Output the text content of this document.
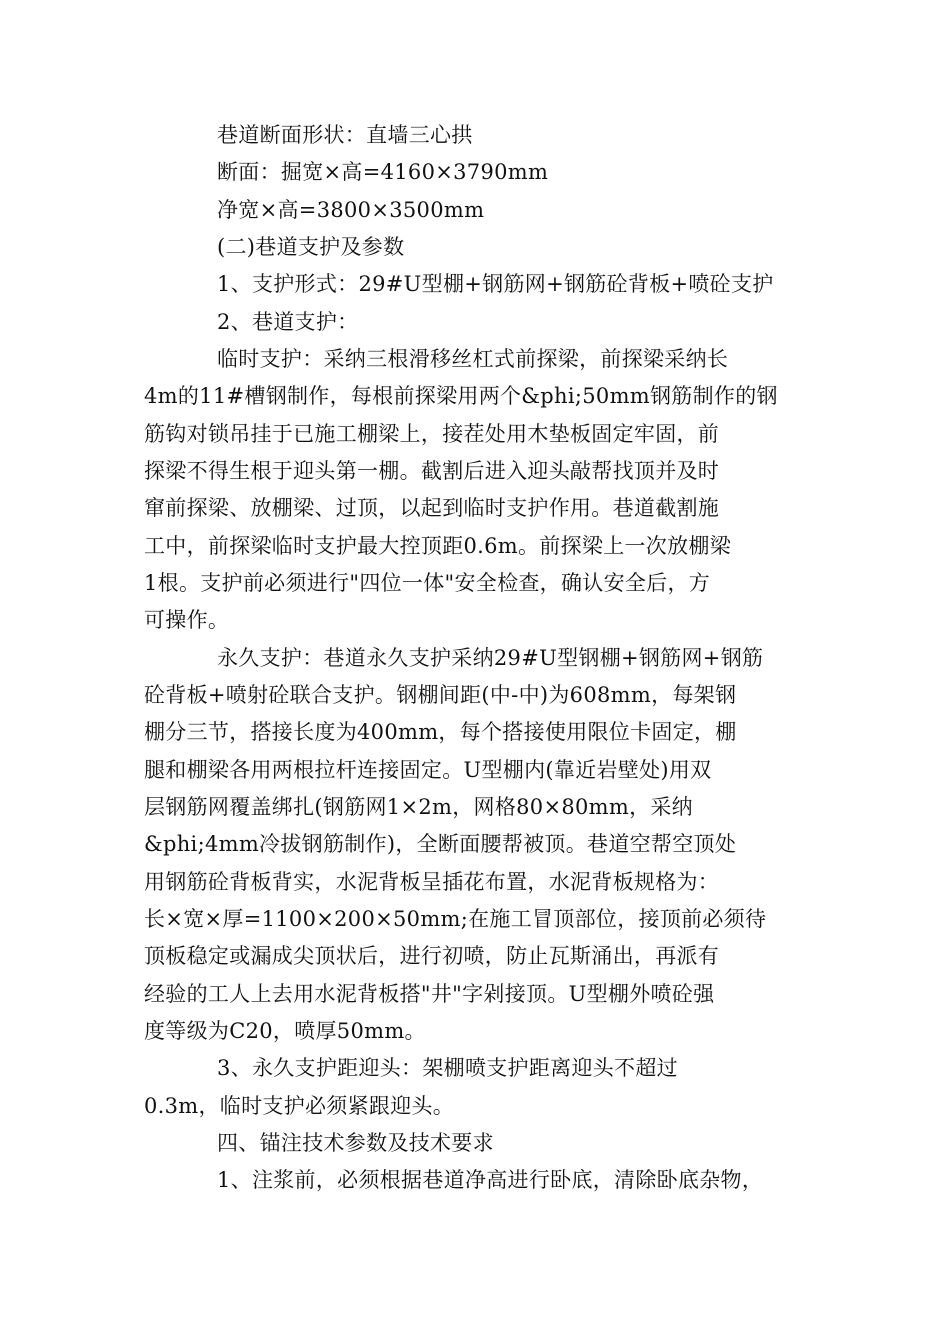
巷道断面形状：直墙三心拱
断面：掘宽×高=4160×3790mm
净宽×高=3800×3500mm
(二)巷道支护及参数
1、支护形式：29#U型棚+钢筋网+钢筋砼背板+喷砼支护
2、巷道支护：
临时支护：采纳三根滑移丝杠式前探梁，前探梁采纳长
4m的11#槽钢制作，每根前探梁用两个&phi;50mm钢筋制作的钢
筋钩对锁吊挂于已施工棚梁上，接茬处用木垫板固定牢固，前
探梁不得生根于迎头第一棚。截割后进入迎头敲帮找顶并及时
窜前探梁、放棚梁、过顶，以起到临时支护作用。巷道截割施
工中，前探梁临时支护最大控顶距0.6m。前探梁上一次放棚梁
1根。支护前必须进行"四位一体"安全检查，确认安全后，方
可操作。
永久支护：巷道永久支护采纳29#U型钢棚+钢筋网+钢筋
砼背板+喷射砼联合支护。钢棚间距(中-中)为608mm，每架钢
棚分三节，搭接长度为400mm，每个搭接使用限位卡固定，棚
腿和棚梁各用两根拉杆连接固定。U型棚内(靠近岩壁处)用双
层钢筋网覆盖绑扎(钢筋网1×2m，网格80×80mm，采纳
&phi;4mm冷拔钢筋制作)，全断面腰帮被顶。巷道空帮空顶处
用钢筋砼背板背实，水泥背板呈插花布置，水泥背板规格为：
长×宽×厚=1100×200×50mm;在施工冒顶部位，接顶前必须待
顶板稳定或漏成尖顶状后，进行初喷，防止瓦斯涌出，再派有
经验的工人上去用水泥背板搭"井"字剁接顶。U型棚外喷砼强
度等级为C20，喷厚50mm。
3、永久支护距迎头：架棚喷支护距离迎头不超过
0.3m，临时支护必须紧跟迎头。
四、锚注技术参数及技术要求
1、注浆前，必须根据巷道净高进行卧底，清除卧底杂物，
